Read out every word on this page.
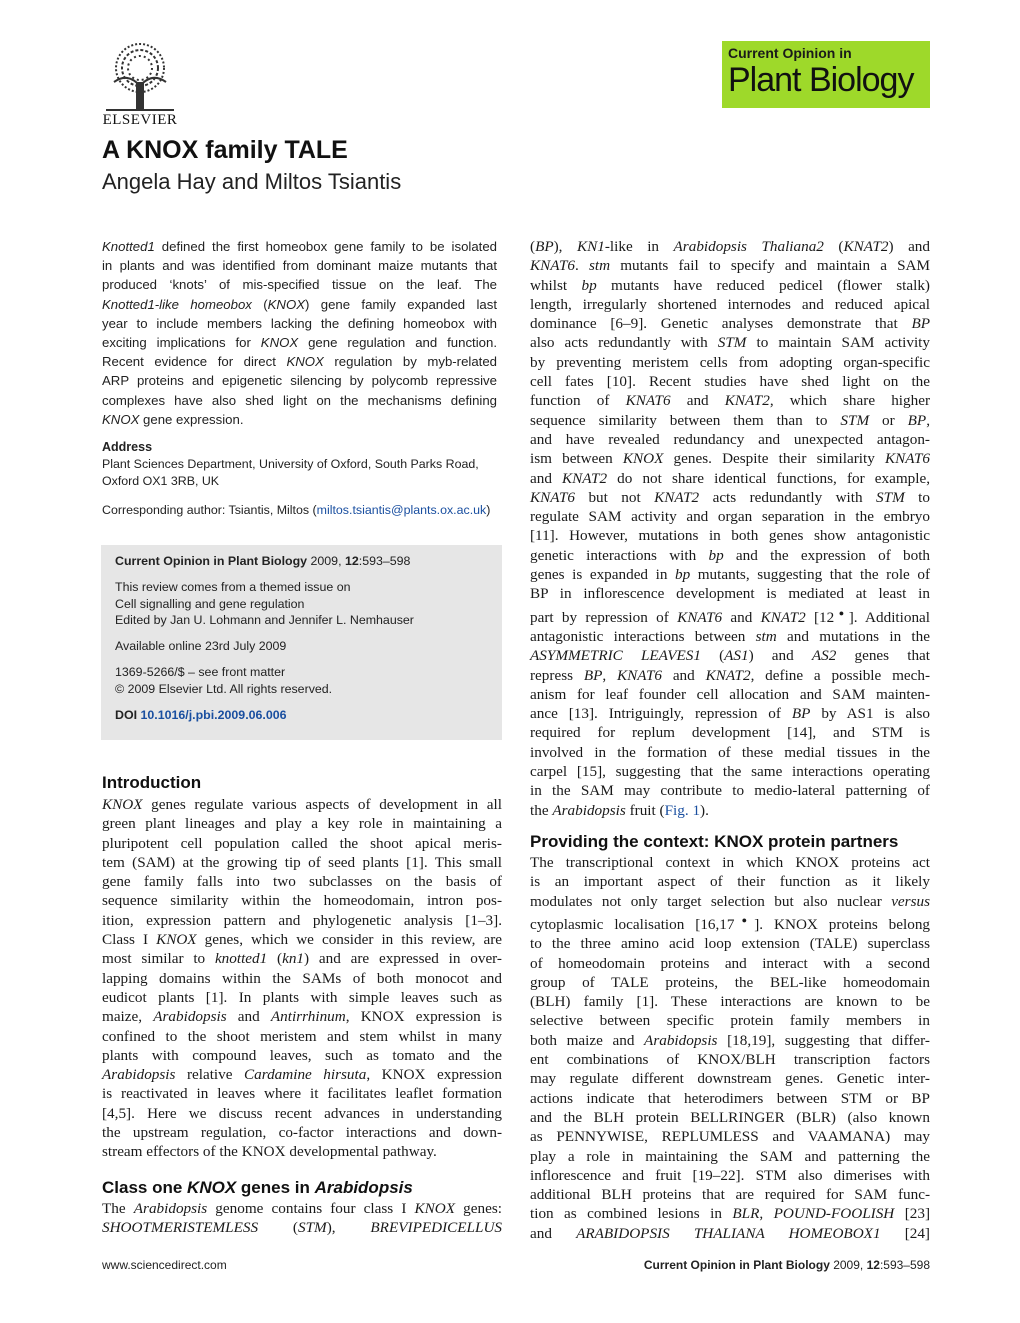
ELSEVIER
Current Opinion in
Plant Biology
A KNOX family TALE
Angela Hay and Miltos Tsiantis
Knotted1 defined the first homeobox gene family to be isolated
in plants and was identified from dominant maize mutants that
produced ‘knots’ of mis-specified tissue on the leaf. The
Knotted1-like homeobox (KNOX) gene family expanded last
year to include members lacking the defining homeobox with
exciting implications for KNOX gene regulation and function.
Recent evidence for direct KNOX regulation by myb-related
ARP proteins and epigenetic silencing by polycomb repressive
complexes have also shed light on the mechanisms defining
KNOX gene expression.
Address
Plant Sciences Department, University of Oxford, South Parks Road,
Oxford OX1 3RB, UK
Corresponding author: Tsiantis, Miltos (miltos.tsiantis@plants.ox.ac.uk)
Current Opinion in Plant Biology 2009, 12:593–598
This review comes from a themed issue on
Cell signalling and gene regulation
Edited by Jan U. Lohmann and Jennifer L. Nemhauser
Available online 23rd July 2009
1369-5266/$ – see front matter
© 2009 Elsevier Ltd. All rights reserved.
DOI 10.1016/j.pbi.2009.06.006
Introduction
KNOX genes regulate various aspects of development in all
green plant lineages and play a key role in maintaining a
pluripotent cell population called the shoot apical meris-
tem (SAM) at the growing tip of seed plants [1]. This small
gene family falls into two subclasses on the basis of
sequence similarity within the homeodomain, intron pos-
ition, expression pattern and phylogenetic analysis [1–3].
Class I KNOX genes, which we consider in this review, are
most similar to knotted1 (kn1) and are expressed in over-
lapping domains within the SAMs of both monocot and
eudicot plants [1]. In plants with simple leaves such as
maize, Arabidopsis and Antirrhinum, KNOX expression is
confined to the shoot meristem and stem whilst in many
plants with compound leaves, such as tomato and the
Arabidopsis relative Cardamine hirsuta, KNOX expression
is reactivated in leaves where it facilitates leaflet formation
[4,5]. Here we discuss recent advances in understanding
the upstream regulation, co-factor interactions and down-
stream effectors of the KNOX developmental pathway.
Class one KNOX genes in Arabidopsis
The Arabidopsis genome contains four class I KNOX genes:
SHOOTMERISTEMLESS (STM), BREVIPEDICELLUS
(BP), KN1-like in Arabidopsis Thaliana2 (KNAT2) and
KNAT6. stm mutants fail to specify and maintain a SAM
whilst bp mutants have reduced pedicel (flower stalk)
length, irregularly shortened internodes and reduced apical
dominance [6–9]. Genetic analyses demonstrate that BP
also acts redundantly with STM to maintain SAM activity
by preventing meristem cells from adopting organ-specific
cell fates [10]. Recent studies have shed light on the
function of KNAT6 and KNAT2, which share higher
sequence similarity between them than to STM or BP,
and have revealed redundancy and unexpected antagon-
ism between KNOX genes. Despite their similarity KNAT6
and KNAT2 do not share identical functions, for example,
KNAT6 but not KNAT2 acts redundantly with STM to
regulate SAM activity and organ separation in the embryo
[11]. However, mutations in both genes show antagonistic
genetic interactions with bp and the expression of both
genes is expanded in bp mutants, suggesting that the role of
BP in inflorescence development is mediated at least in
part by repression of KNAT6 and KNAT2 [12●]. Additional
antagonistic interactions between stm and mutations in the
ASYMMETRIC LEAVES1 (AS1) and AS2 genes that
repress BP, KNAT6 and KNAT2, define a possible mech-
anism for leaf founder cell allocation and SAM mainten-
ance [13]. Intriguingly, repression of BP by AS1 is also
required for replum development [14], and STM is
involved in the formation of these medial tissues in the
carpel [15], suggesting that the same interactions operating
in the SAM may contribute to medio-lateral patterning of
the Arabidopsis fruit (Fig. 1).
Providing the context: KNOX protein partners
The transcriptional context in which KNOX proteins act
is an important aspect of their function as it likely
modulates not only target selection but also nuclear versus
cytoplasmic localisation [16,17●]. KNOX proteins belong
to the three amino acid loop extension (TALE) superclass
of homeodomain proteins and interact with a second
group of TALE proteins, the BEL-like homeodomain
(BLH) family [1]. These interactions are known to be
selective between specific protein family members in
both maize and Arabidopsis [18,19], suggesting that differ-
ent combinations of KNOX/BLH transcription factors
may regulate different downstream genes. Genetic inter-
actions indicate that heterodimers between STM or BP
and the BLH protein BELLRINGER (BLR) (also known
as PENNYWISE, REPLUMLESS and VAAMANA) may
play a role in maintaining the SAM and patterning the
inflorescence and fruit [19–22]. STM also dimerises with
additional BLH proteins that are required for SAM func-
tion as combined lesions in BLR, POUND-FOOLISH [23]
and ARABIDOPSIS THALIANA HOMEOBOX1 [24]
www.sciencedirect.com	Current Opinion in Plant Biology 2009, 12:593–598
